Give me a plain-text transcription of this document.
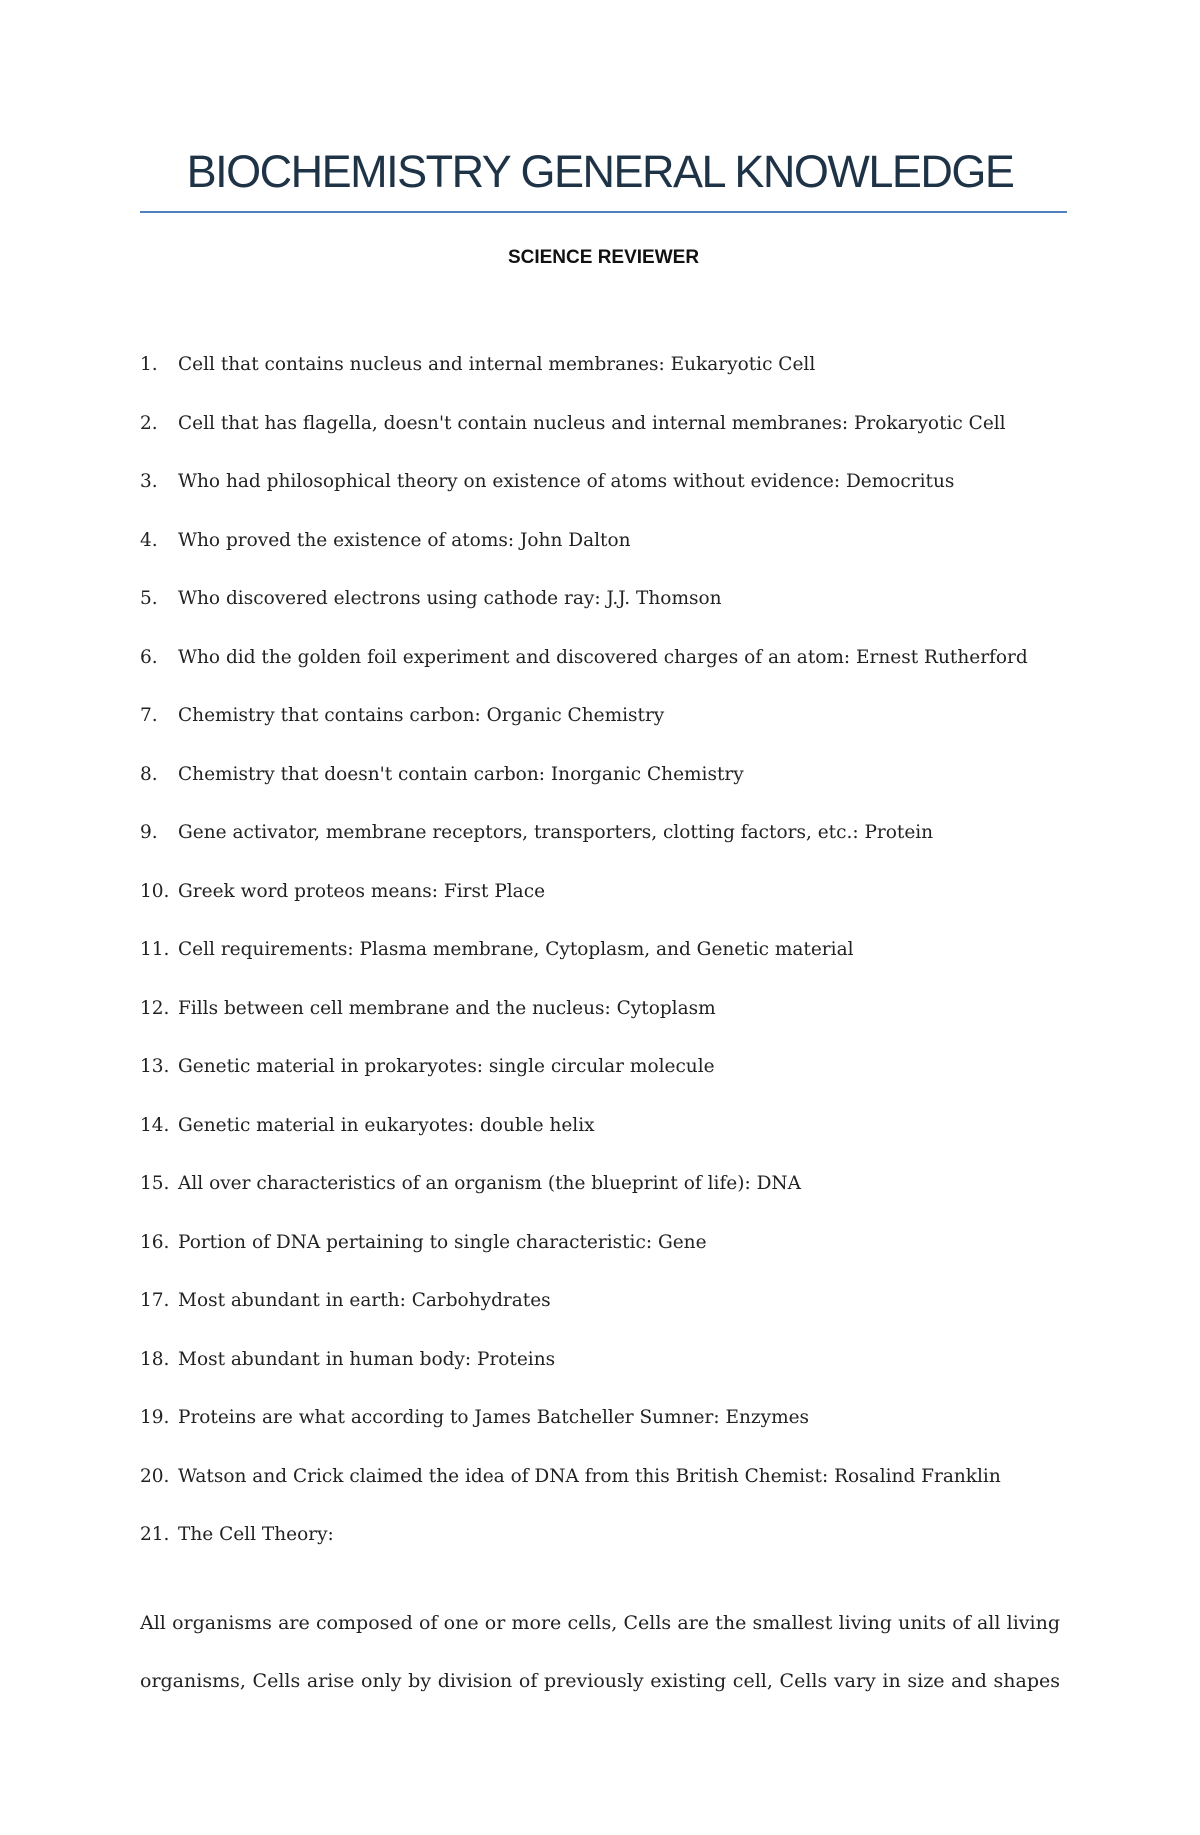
BIOCHEMISTRY GENERAL KNOWLEDGE
SCIENCE REVIEWER
1. Cell that contains nucleus and internal membranes: Eukaryotic Cell
2. Cell that has flagella, doesn't contain nucleus and internal membranes: Prokaryotic Cell
3. Who had philosophical theory on existence of atoms without evidence: Democritus
4. Who proved the existence of atoms: John Dalton
5. Who discovered electrons using cathode ray: J.J. Thomson
6. Who did the golden foil experiment and discovered charges of an atom: Ernest Rutherford
7. Chemistry that contains carbon: Organic Chemistry
8. Chemistry that doesn't contain carbon: Inorganic Chemistry
9. Gene activator, membrane receptors, transporters, clotting factors, etc.: Protein
10. Greek word proteos means: First Place
11. Cell requirements: Plasma membrane, Cytoplasm, and Genetic material
12. Fills between cell membrane and the nucleus: Cytoplasm
13. Genetic material in prokaryotes: single circular molecule
14. Genetic material in eukaryotes: double helix
15. All over characteristics of an organism (the blueprint of life): DNA
16. Portion of DNA pertaining to single characteristic: Gene
17. Most abundant in earth: Carbohydrates
18. Most abundant in human body: Proteins
19. Proteins are what according to James Batcheller Sumner: Enzymes
20. Watson and Crick claimed the idea of DNA from this British Chemist: Rosalind Franklin
21. The Cell Theory:

All organisms are composed of one or more cells, Cells are the smallest living units of all living
organisms, Cells arise only by division of previously existing cell, Cells vary in size and shapes
